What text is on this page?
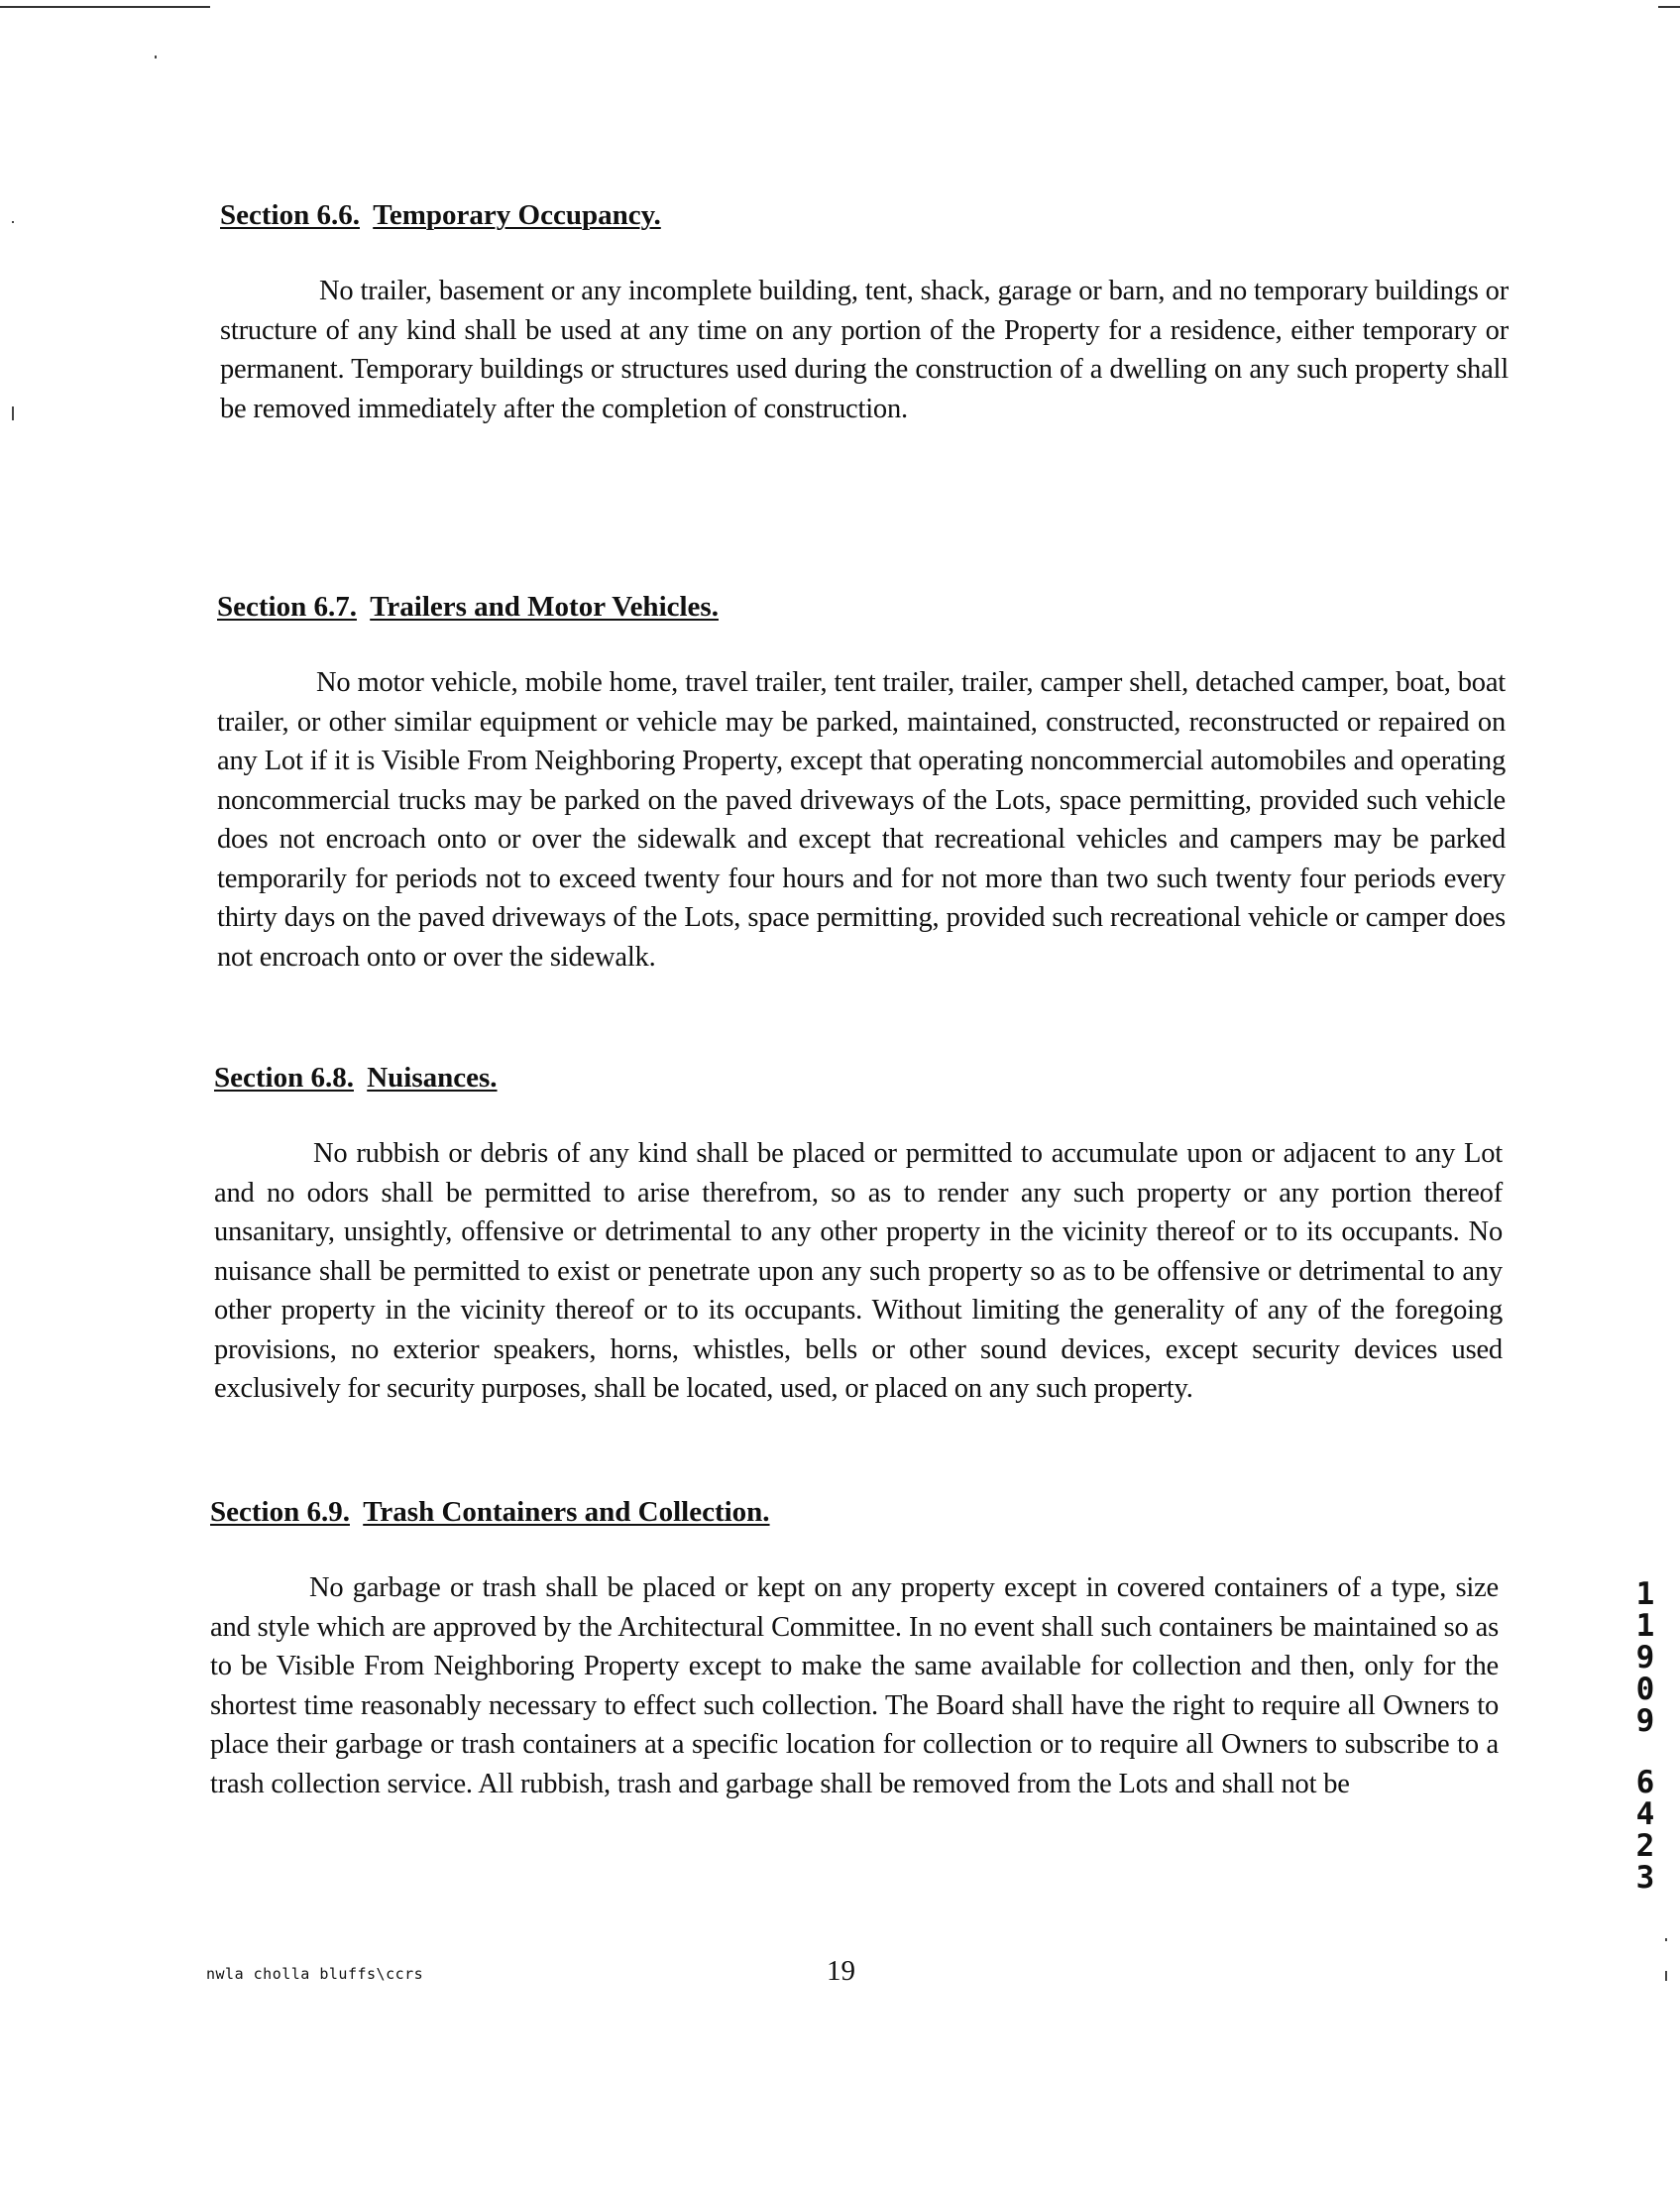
Section 6.6. Temporary Occupancy.

No trailer, basement or any incomplete building, tent, shack, garage or barn, and no temporary buildings or structure of any kind shall be used at any time on any portion of the Property for a residence, either temporary or permanent. Temporary buildings or structures used during the construction of a dwelling on any such property shall be removed immediately after the completion of construction.

Section 6.7. Trailers and Motor Vehicles.

No motor vehicle, mobile home, travel trailer, tent trailer, trailer, camper shell, detached camper, boat, boat trailer, or other similar equipment or vehicle may be parked, maintained, constructed, reconstructed or repaired on any Lot if it is Visible From Neighboring Property, except that operating noncommercial automobiles and operating noncommercial trucks may be parked on the paved driveways of the Lots, space permitting, provided such vehicle does not encroach onto or over the sidewalk and except that recreational vehicles and campers may be parked temporarily for periods not to exceed twenty four hours and for not more than two such twenty four periods every thirty days on the paved driveways of the Lots, space permitting, provided such recreational vehicle or camper does not encroach onto or over the sidewalk.

Section 6.8. Nuisances.

No rubbish or debris of any kind shall be placed or permitted to accumulate upon or adjacent to any Lot and no odors shall be permitted to arise therefrom, so as to render any such property or any portion thereof unsanitary, unsightly, offensive or detrimental to any other property in the vicinity thereof or to its occupants. No nuisance shall be permitted to exist or penetrate upon any such property so as to be offensive or detrimental to any other property in the vicinity thereof or to its occupants. Without limiting the generality of any of the foregoing provisions, no exterior speakers, horns, whistles, bells or other sound devices, except security devices used exclusively for security purposes, shall be located, used, or placed on any such property.

Section 6.9. Trash Containers and Collection.

No garbage or trash shall be placed or kept on any property except in covered containers of a type, size and style which are approved by the Architectural Committee. In no event shall such containers be maintained so as to be Visible From Neighboring Property except to make the same available for collection and then, only for the shortest time reasonably necessary to effect such collection. The Board shall have the right to require all Owners to place their garbage or trash containers at a specific location for collection or to require all Owners to subscribe to a trash collection service. All rubbish, trash and garbage shall be removed from the Lots and shall not be

nwla cholla bluffs\ccrs	19
1
1
9
0
9
6
4
2
3
